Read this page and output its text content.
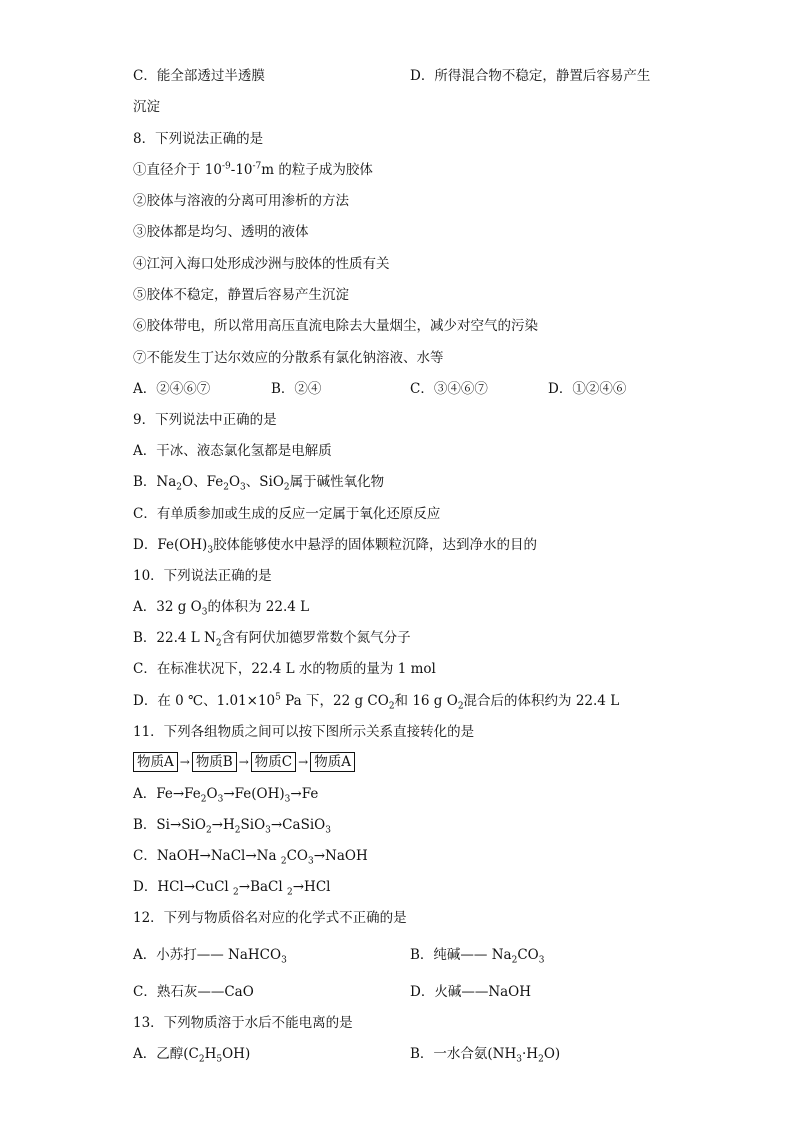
C．能全部透过半透膜	D．所得混合物不稳定，静置后容易产生
沉淀
8．下列说法正确的是
①直径介于 $10^{-9}-10^{-7}m$ 的粒子成为胶体
②胶体与溶液的分离可用渗析的方法
③胶体都是均匀、透明的液体
④江河入海口处形成沙洲与胶体的性质有关
⑤胶体不稳定，静置后容易产生沉淀
⑥胶体带电，所以常用高压直流电除去大量烟尘，减少对空气的污染
⑦不能发生丁达尔效应的分散系有氯化钠溶液、水等
A．②④⑥⑦	B．②④	C．③④⑥⑦	D．①②④⑥
9．下列说法中正确的是
A．干冰、液态氯化氢都是电解质
B．$Na_2O$、$Fe_2O_3$、SiO$_2$属于碱性氧化物
C．有单质参加或生成的反应一定属于氧化还原反应
D．$Fe(OH)_3$胶体能够使水中悬浮的固体颗粒沉降，达到净水的目的
10．下列说法正确的是
A．32 g $O_3$的体积为 22.4 L
B．22.4 L $N_2$含有阿伏加德罗常数个氮气分子
C．在标准状况下，22.4 L 水的物质的量为 1 mol
D．在 0 ℃、$1.01\times 10^5$ Pa 下，22 g $CO_2$和 16 g $O_2$混合后的体积约为 22.4 L
11．下列各组物质之间可以按下图所示关系直接转化的是
物质A → 物质B → 物质C → 物质A
A．$Fe\to Fe_2O_3\to Fe(OH)_3\to Fe$
B．$Si\to SiO_2\to H_2SiO_3\to CaSiO_3$
C．NaOH→NaCl→Na $_2CO_3\to NaOH$
D．HCl→CuCl $_2$→BaCl $_2$→HCl
12．下列与物质俗名对应的化学式不正确的是
A．小苏打—— NaHCO$_3$	B．纯碱—— $Na_2CO_3$
C．熟石灰——CaO	D．火碱——NaOH
13．下列物质溶于水后不能电离的是
A．乙醇$(C_2H_5OH)$	B．一水合氨$(NH_3\cdot H_2O)$
